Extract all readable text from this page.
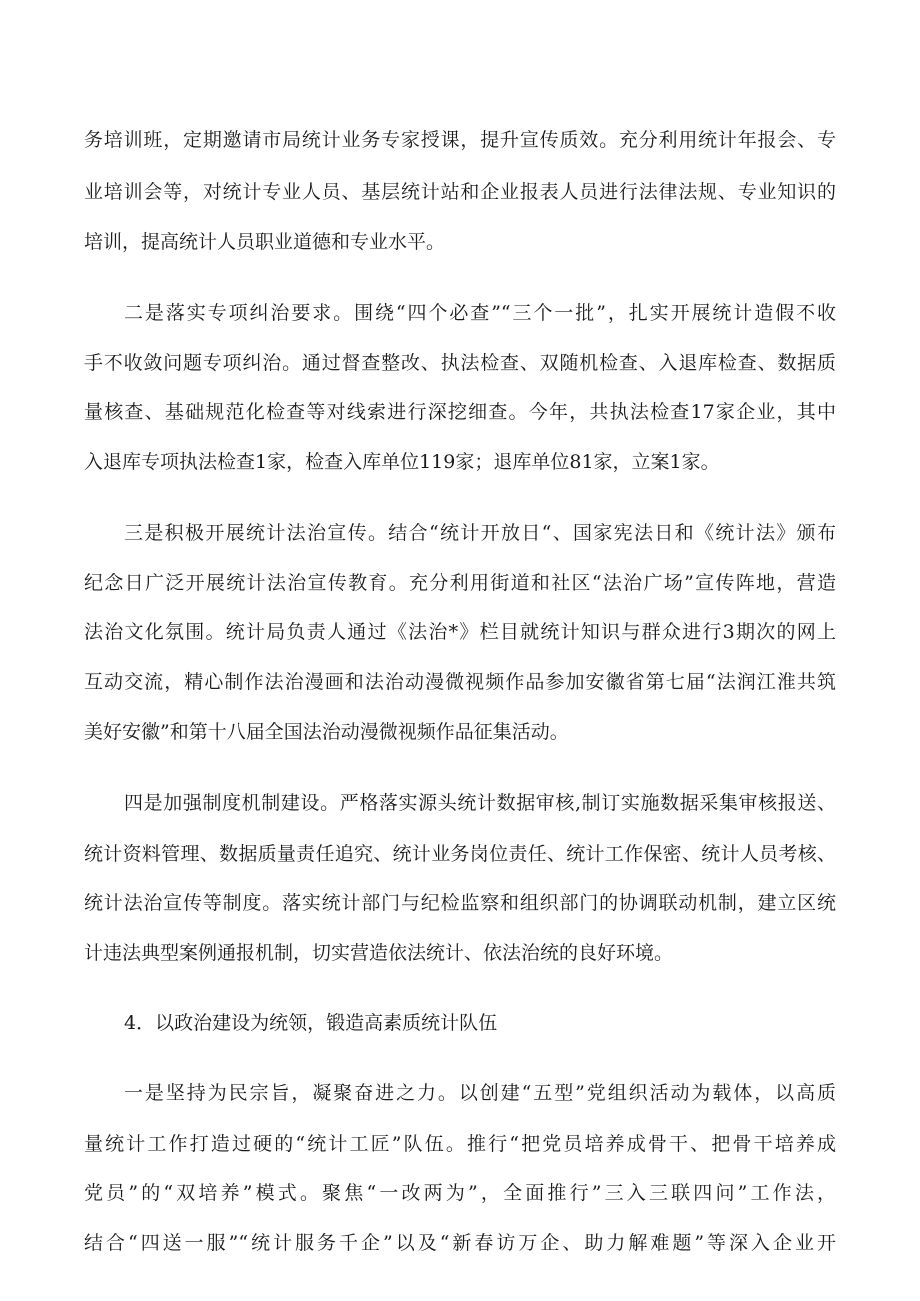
务培训班，定期邀请市局统计业务专家授课，提升宣传质效。充分利用统计年报会、专
业培训会等，对统计专业人员、基层统计站和企业报表人员进行法律法规、专业知识的
培训，提高统计人员职业道德和专业水平。
二是落实专项纠治要求。围绕“四个必查”“三个一批”，扎实开展统计造假不收
手不收敛问题专项纠治。通过督查整改、执法检查、双随机检查、入退库检查、数据质
量核查、基础规范化检查等对线索进行深挖细查。今年，共执法检查17家企业，其中
入退库专项执法检查1家，检查入库单位119家；退库单位81家，立案1家。
三是积极开展统计法治宣传。结合“统计开放日“、国家宪法日和《统计法》颁布
纪念日广泛开展统计法治宣传教育。充分利用街道和社区“法治广场”宣传阵地，营造
法治文化氛围。统计局负责人通过《法治*》栏目就统计知识与群众进行3期次的网上
互动交流，精心制作法治漫画和法治动漫微视频作品参加安徽省第七届“法润江淮共筑
美好安徽”和第十八届全国法治动漫微视频作品征集活动。
四是加强制度机制建设。严格落实源头统计数据审核,制订实施数据采集审核报送、
统计资料管理、数据质量责任追究、统计业务岗位责任、统计工作保密、统计人员考核、
统计法治宣传等制度。落实统计部门与纪检监察和组织部门的协调联动机制，建立区统
计违法典型案例通报机制，切实营造依法统计、依法治统的良好环境。
4．以政治建设为统领，锻造高素质统计队伍
一是坚持为民宗旨，凝聚奋进之力。以创建“五型”党组织活动为载体，以高质
量统计工作打造过硬的“统计工匠”队伍。推行“把党员培养成骨干、把骨干培养成
党员”的“双培养”模式。聚焦“一改两为”，全面推行”三入三联四问”工作法，
结合“四送一服”“统计服务千企”以及“新春访万企、助力解难题”等深入企业开
